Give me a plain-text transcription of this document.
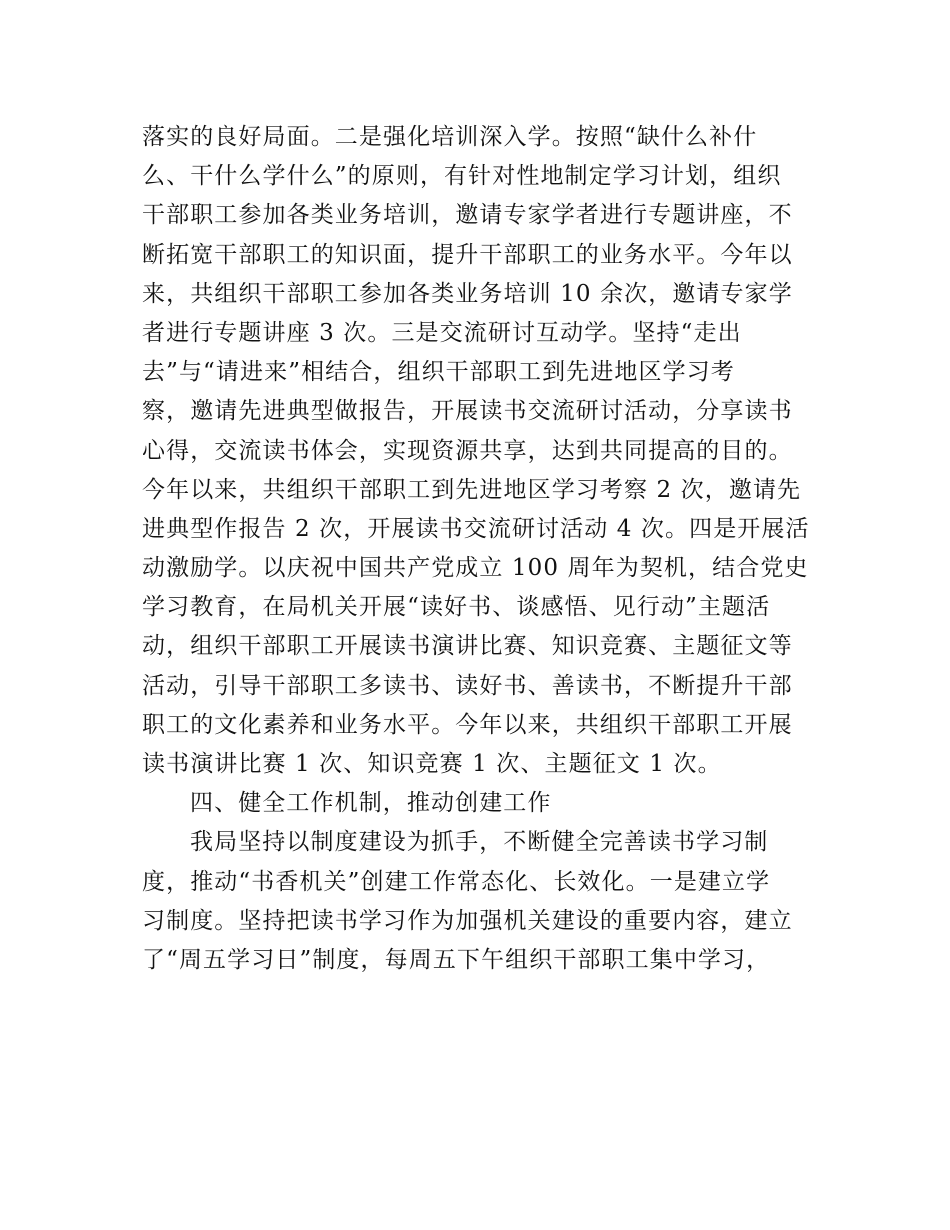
落实的良好局面。二是强化培训深入学。按照“缺什么补什
么、干什么学什么”的原则，有针对性地制定学习计划，组织
干部职工参加各类业务培训，邀请专家学者进行专题讲座，不
断拓宽干部职工的知识面，提升干部职工的业务水平。今年以
来，共组织干部职工参加各类业务培训 10 余次，邀请专家学
者进行专题讲座 3 次。三是交流研讨互动学。坚持“走出
去”与“请进来”相结合，组织干部职工到先进地区学习考
察，邀请先进典型做报告，开展读书交流研讨活动，分享读书
心得，交流读书体会，实现资源共享，达到共同提高的目的。
今年以来，共组织干部职工到先进地区学习考察 2 次，邀请先
进典型作报告 2 次，开展读书交流研讨活动 4 次。四是开展活
动激励学。以庆祝中国共产党成立 100 周年为契机，结合党史
学习教育，在局机关开展“读好书、谈感悟、见行动”主题活
动，组织干部职工开展读书演讲比赛、知识竞赛、主题征文等
活动，引导干部职工多读书、读好书、善读书，不断提升干部
职工的文化素养和业务水平。今年以来，共组织干部职工开展
读书演讲比赛 1 次、知识竞赛 1 次、主题征文 1 次。
四、健全工作机制，推动创建工作
我局坚持以制度建设为抓手，不断健全完善读书学习制
度，推动“书香机关”创建工作常态化、长效化。一是建立学
习制度。坚持把读书学习作为加强机关建设的重要内容，建立
了“周五学习日”制度，每周五下午组织干部职工集中学习，
